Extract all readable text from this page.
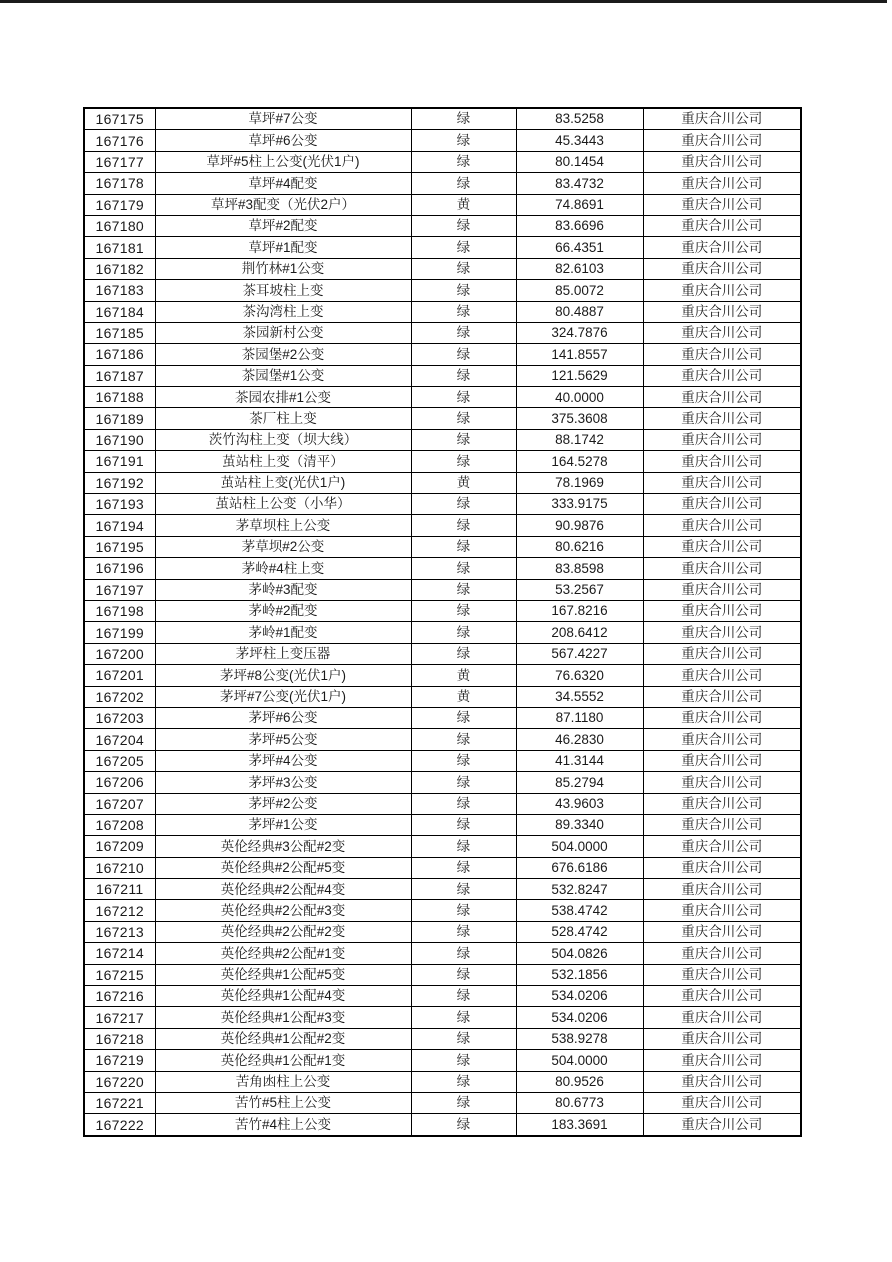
167175	草坪#7公变	绿	83.5258	重庆合川公司
167176	草坪#6公变	绿	45.3443	重庆合川公司
167177	草坪#5柱上公变(光伏1户)	绿	80.1454	重庆合川公司
167178	草坪#4配变	绿	83.4732	重庆合川公司
167179	草坪#3配变（光伏2户）	黄	74.8691	重庆合川公司
167180	草坪#2配变	绿	83.6696	重庆合川公司
167181	草坪#1配变	绿	66.4351	重庆合川公司
167182	荆竹林#1公变	绿	82.6103	重庆合川公司
167183	茶耳坡柱上变	绿	85.0072	重庆合川公司
167184	茶沟湾柱上变	绿	80.4887	重庆合川公司
167185	茶园新村公变	绿	324.7876	重庆合川公司
167186	茶园堡#2公变	绿	141.8557	重庆合川公司
167187	茶园堡#1公变	绿	121.5629	重庆合川公司
167188	茶园农排#1公变	绿	40.0000	重庆合川公司
167189	茶厂柱上变	绿	375.3608	重庆合川公司
167190	茨竹沟柱上变（坝大线）	绿	88.1742	重庆合川公司
167191	茧站柱上变（清平）	绿	164.5278	重庆合川公司
167192	茧站柱上变(光伏1户)	黄	78.1969	重庆合川公司
167193	茧站柱上公变（小华）	绿	333.9175	重庆合川公司
167194	茅草坝柱上公变	绿	90.9876	重庆合川公司
167195	茅草坝#2公变	绿	80.6216	重庆合川公司
167196	茅岭#4柱上变	绿	83.8598	重庆合川公司
167197	茅岭#3配变	绿	53.2567	重庆合川公司
167198	茅岭#2配变	绿	167.8216	重庆合川公司
167199	茅岭#1配变	绿	208.6412	重庆合川公司
167200	茅坪柱上变压器	绿	567.4227	重庆合川公司
167201	茅坪#8公变(光伏1户)	黄	76.6320	重庆合川公司
167202	茅坪#7公变(光伏1户)	黄	34.5552	重庆合川公司
167203	茅坪#6公变	绿	87.1180	重庆合川公司
167204	茅坪#5公变	绿	46.2830	重庆合川公司
167205	茅坪#4公变	绿	41.3144	重庆合川公司
167206	茅坪#3公变	绿	85.2794	重庆合川公司
167207	茅坪#2公变	绿	43.9603	重庆合川公司
167208	茅坪#1公变	绿	89.3340	重庆合川公司
167209	英伦经典#3公配#2变	绿	504.0000	重庆合川公司
167210	英伦经典#2公配#5变	绿	676.6186	重庆合川公司
167211	英伦经典#2公配#4变	绿	532.8247	重庆合川公司
167212	英伦经典#2公配#3变	绿	538.4742	重庆合川公司
167213	英伦经典#2公配#2变	绿	528.4742	重庆合川公司
167214	英伦经典#2公配#1变	绿	504.0826	重庆合川公司
167215	英伦经典#1公配#5变	绿	532.1856	重庆合川公司
167216	英伦经典#1公配#4变	绿	534.0206	重庆合川公司
167217	英伦经典#1公配#3变	绿	534.0206	重庆合川公司
167218	英伦经典#1公配#2变	绿	538.9278	重庆合川公司
167219	英伦经典#1公配#1变	绿	504.0000	重庆合川公司
167220	苦角凼柱上公变	绿	80.9526	重庆合川公司
167221	苦竹#5柱上公变	绿	80.6773	重庆合川公司
167222	苦竹#4柱上公变	绿	183.3691	重庆合川公司
